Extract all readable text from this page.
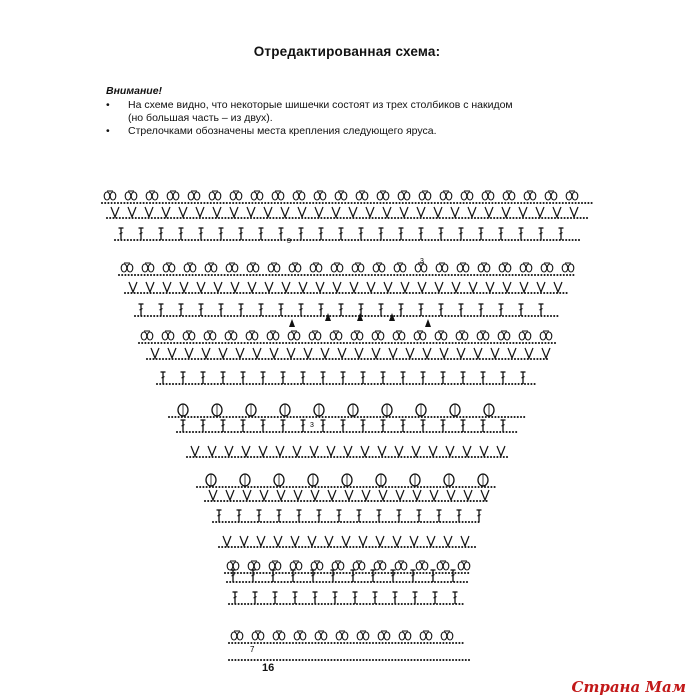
Отредактированная схема:
Внимание!
• На схеме видно, что некоторые шишечки состоят из трех столбиков с накидом
(но большая часть – из двух).
• Стрелочками обозначены места крепления следующего яруса.
7
3
3
3
16
Страна Мам
